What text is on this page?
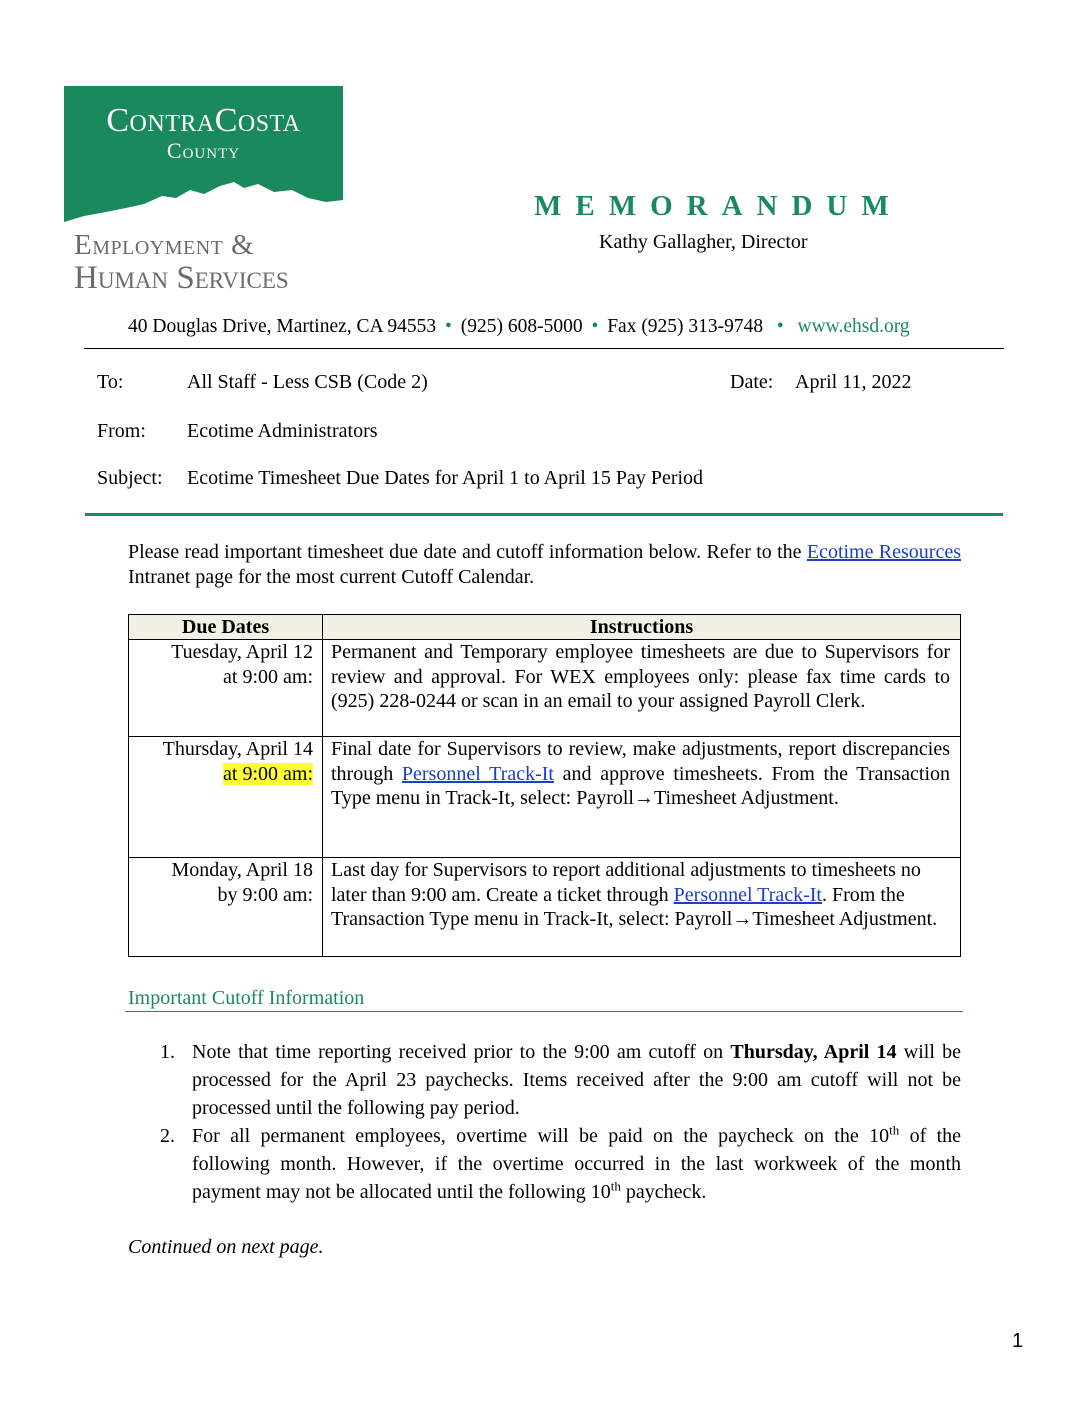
ContraCosta
County
Employment &
Human Services
MEMORANDUM
Kathy Gallagher, Director
40 Douglas Drive, Martinez, CA 94553 • (925) 608-5000 • Fax (925) 313-9748  •  www.ehsd.org
To:	All Staff - Less CSB (Code 2)	Date: April 11, 2022
From: Ecotime Administrators
Subject: Ecotime Timesheet Due Dates for April 1 to April 15 Pay Period
Please read important timesheet due date and cutoff information below. Refer to the Ecotime Resources Intranet page for the most current Cutoff Calendar.
Due Dates	Instructions

Tuesday, April 12
at 9:00 am:	Permanent and Temporary employee timesheets are due to Supervisors for review and approval. For WEX employees only: please fax time cards to (925) 228-0244 or scan in an email to your assigned Payroll Clerk.

Thursday, April 14
at 9:00 am:	Final date for Supervisors to review, make adjustments, report discrepancies through Personnel Track-It and approve timesheets. From the Transaction Type menu in Track-It, select: Payroll→Timesheet Adjustment.

Monday, April 18
by 9:00 am:	Last day for Supervisors to report additional adjustments to timesheets no later than 9:00 am. Create a ticket through Personnel Track-It. From the Transaction Type menu in Track-It, select: Payroll→Timesheet Adjustment.
Important Cutoff Information
1. Note that time reporting received prior to the 9:00 am cutoff on Thursday, April 14 will be processed for the April 23 paychecks. Items received after the 9:00 am cutoff will not be processed until the following pay period.
2. For all permanent employees, overtime will be paid on the paycheck on the 10th of the following month. However, if the overtime occurred in the last workweek of the month payment may not be allocated until the following 10th paycheck.
Continued on next page.
1
